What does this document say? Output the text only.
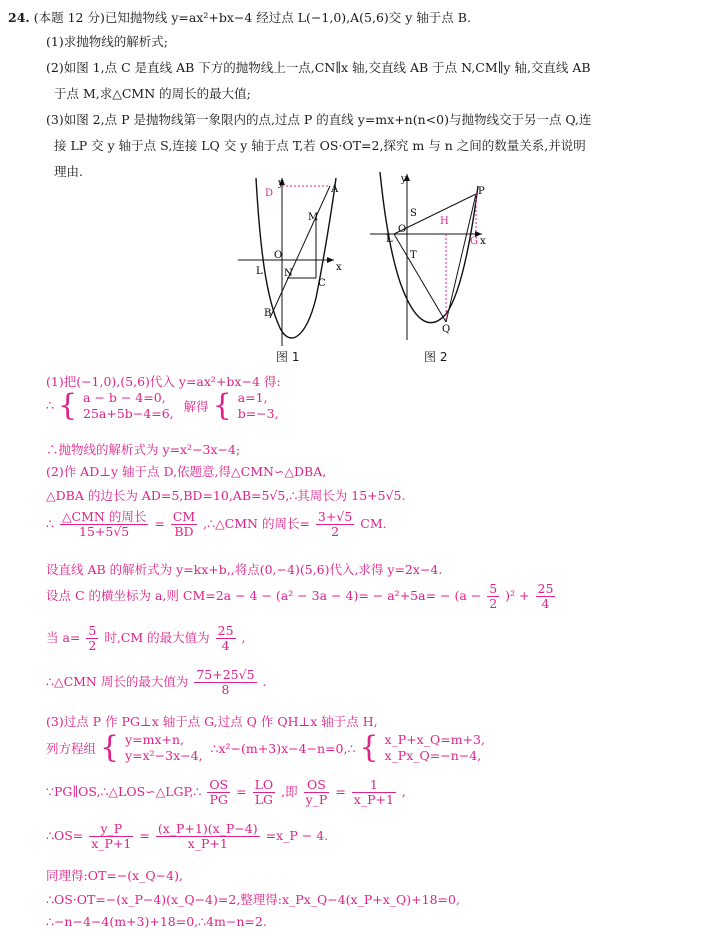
24. (本题 12 分)已知抛物线 y=ax²+bx−4 经过点 L(−1,0),A(5,6)交 y 轴于点 B.
(1)求抛物线的解析式;
(2)如图 1,点 C 是直线 AB 下方的抛物线上一点,CN∥x 轴,交直线 AB 于点 N,CM∥y 轴,交直线 AB
于点 M,求△CMN 的周长的最大值;
(3)如图 2,点 P 是抛物线第一象限内的点,过点 P 的直线 y=mx+n(n<0)与抛物线交于另一点 Q,连
接 LP 交 y 轴于点 S,连接 LQ 交 y 轴于点 T,若 OS·OT=2,探究 m 与 n 之间的数量关系,并说明
理由.
y
x
D	A
M
O
L N
C
B
图 1
y
x
P
S
H
L
O
G
T
Q
图 2
(1)把(−1,0),(5,6)代入 y=ax²+bx−4 得:
∴ { a − b − 4=0,
25a+5b−4=6, 解得 { a=1,
b=−3,
∴抛物线的解析式为 y=x²−3x−4;
(2)作 AD⊥y 轴于点 D,依题意,得△CMN∽△DBA,
△DBA 的边长为 AD=5,BD=10,AB=5√5,∴其周长为 15+5√5.
∴ $\frac{\text{△CMN 的周长}}{15+5√5} = \frac{CM}{BD}$ ,∴△CMN 的周长= $\frac{3+√5}{2}$ CM.
设直线 AB 的解析式为 y=kx+b,,将点(0,−4)(5,6)代入,求得 y=2x−4.
设点 C 的横坐标为 a,则 $CM=2a - 4 - (a^2 - 3a - 4)= - a^2+5a= - (a - \frac{5}{2} )^2 + \frac{25}{4}$
当 $a= \frac{5}{2}$ 时,CM 的最大值为 $\frac{25}{4}$ ,
∴△CMN 周长的最大值为 $\frac{75+25√5}{8}$ .
(3)过点 P 作 PG⊥x 轴于点 G,过点 Q 作 QH⊥x 轴于点 H,
列方程组 { y=mx+n,
y=x²−3x−4, ∴x²−(m+3)x−4−n=0,∴ { x_P+x_Q=m+3,
x_Px_Q=−n−4,
∵PG∥OS,∴△LOS∽△LGP,∴ $\frac{OS}{PG} = \frac{LO}{LG}$ ,即 $\frac{OS}{y\_P} = \frac{1}{x\_P+1}$ ,
∴OS= $\frac{y\_P}{x\_P+1} = \frac{(x\_P+1)(x\_P-4)}{x\_P+1}$ =x_P − 4.
同理得:OT=−(x_Q−4),
∴OS·OT=−(x_P−4)(x_Q−4)=2,整理得:x_Px_Q−4(x_P+x_Q)+18=0,
∴−n−4−4(m+3)+18=0,∴4m−n=2.
